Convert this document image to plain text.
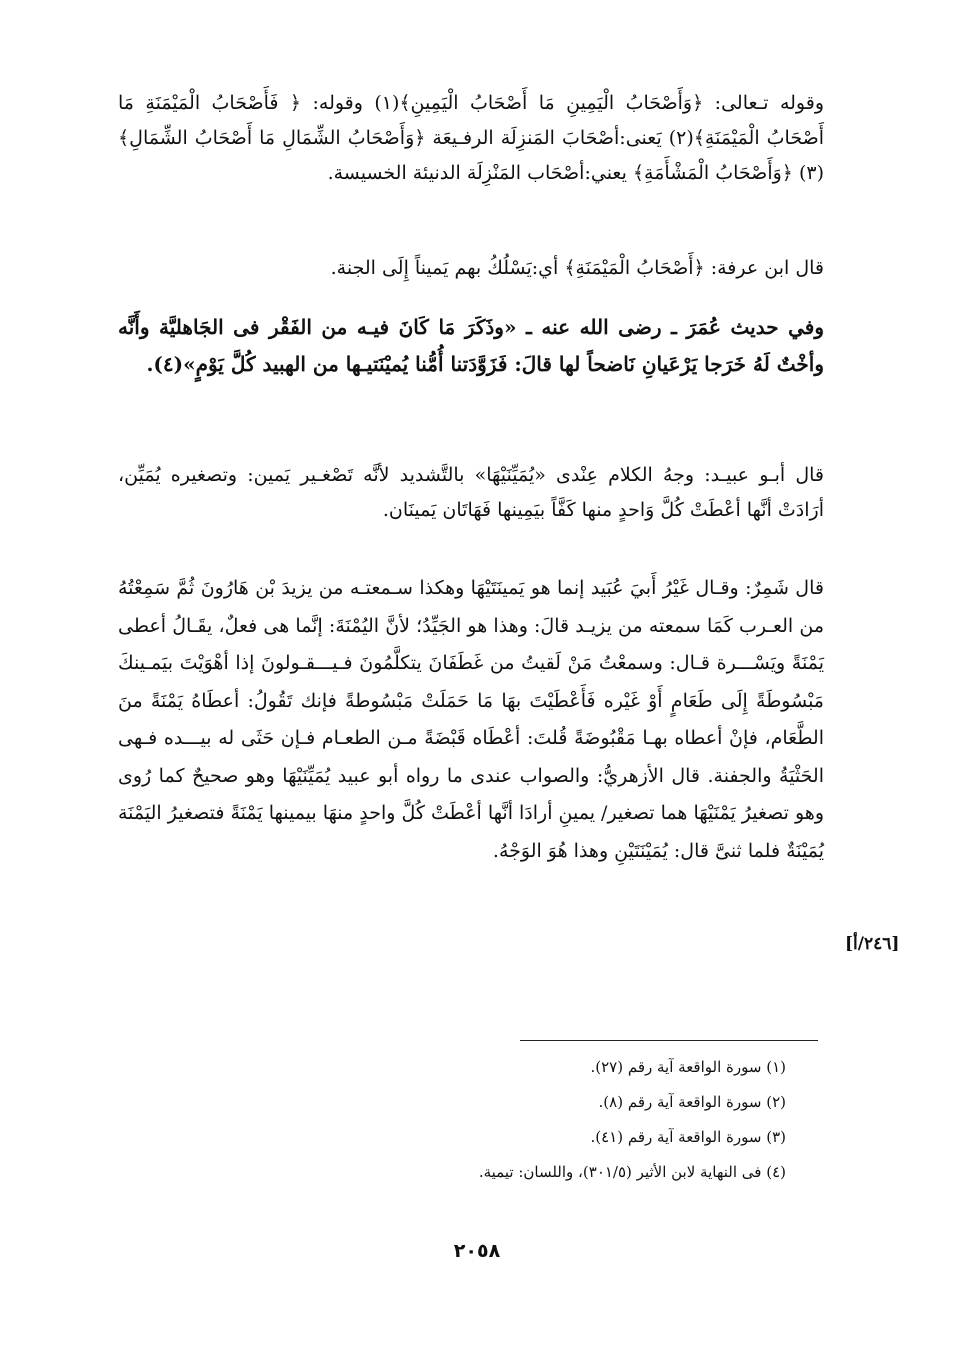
وقوله تـعالى: ﴿وَأَصْحَابُ الْيَمِينِ مَا أَصْحَابُ الْيَمِينِ﴾(١) وقوله: ﴿ فَأَصْحَابُ الْمَيْمَنَةِ مَا أَصْحَابُ الْمَيْمَنَةِ﴾(٢) يَعنى:أصْحَابَ المَنزِلَة الرفـيعَة ﴿وَأَصْحَابُ الشِّمَالِ مَا أَصْحَابُ الشِّمَالِ﴾(٣) ﴿وَأَصْحَابُ الْمَشْأَمَةِ﴾ يعني:أصْحَاب المَنْزِلَة الدنيئة الخسيسة.

قال ابن عرفة: ﴿أَصْحَابُ الْمَيْمَنَةِ﴾ أي:يَسْلُكُ بهم يَميناً إِلَى الجنة.

وفي حديث عُمَرَ ـ رضى الله عنه ـ «وذَكَرَ مَا كَانَ فيـه من الفَقْر فى الجَاهليَّة وأَنَّه وأخْتٌ لَهُ خَرَجا يَرْعَيانِ نَاضحاً لها قالَ: فَزَوَّدَتنا أُمُّنا يُميْنَتيـها من الهبيد كُلَّ يَوْمٍ»(٤).

قال أبـو عبيـد: وجهُ الكلام عِنْدى «يُمَيِّنَيْهَا» بالتَّشديد لأنَّه تَصْغـير يَمين: وتصغيره يُمَيِّن، أرَادَتْ أنَّها أعْطَتْ كُلَّ وَاحدٍ منها كَفَّاً بيَمِينها فَهَاتَان يَمينَان.

قال شَمِرٌ: وقـال غَيْرُ أَبيَ عُبَيد إنما هو يَمينَتَيْهَا وهكذا سـمعتـه من يزيدَ بْن هَارُونَ ثُمَّ سَمِعْتُهُ من العـرب كَمَا سمعته من يزيـد قالَ: وهذا هو الجَيِّدُ؛ لأنَّ اليُمْنَةَ: إنَّما هى فعلٌ، يقَـالُ أعطى يَمْنَةً ويَسْـــرة قـال: وسمعْتُ مَنْ لَقيتُ من غَطَفَانَ يتكلَّمُونَ فـيـــقـولونَ إذا أهْوَيْتَ بيَمـينكَ مَبْسُوطَةً إِلَى طَعَامٍ أَوْ غَيْره فَأَعْطَيْتَ بهَا مَا حَمَلَتْ مَبْسُوطةً فإنك تَقُولُ: أعطَاهُ يَمْنَةً منَ الطَّعَام، فإنْ أعطاه بهـا مَقْبُوضَةً قُلتَ: أعْطَاه قَبْضَةً مـن الطعـام فـإن حَثَى له بيـــده فـهى الحَثْيَةُ والجفنة. قال الأزهريُّ: والصواب عندى ما رواه أبو عبيد يُمَيِّنَيْهَا وهو صحيحٌ كما رُوى وهو تصغيرُ يَمْنَيْهَا هما تصغير/ يمينِ أرادَا أنَّها أعْطَتْ كُلَّ واحدٍ منهَا بيمينها يَمْنَةً فتصغيرُ اليَمْنَة يُمَيْنَةٌ فلما ثنىَّ قال: يُمَيْنَتَيْنِ وهذا هُوَ الوَجْهُ.

[٢٤٦/أ]
(١) سورة الواقعة آية رقم (٢٧).
(٢) سورة الواقعة آية رقم (٨).
(٣) سورة الواقعة آية رقم (٤١).
(٤) فى النهاية لابن الأثير (٣٠١/٥)، واللسان: تيمية.
٢٠٥٨
